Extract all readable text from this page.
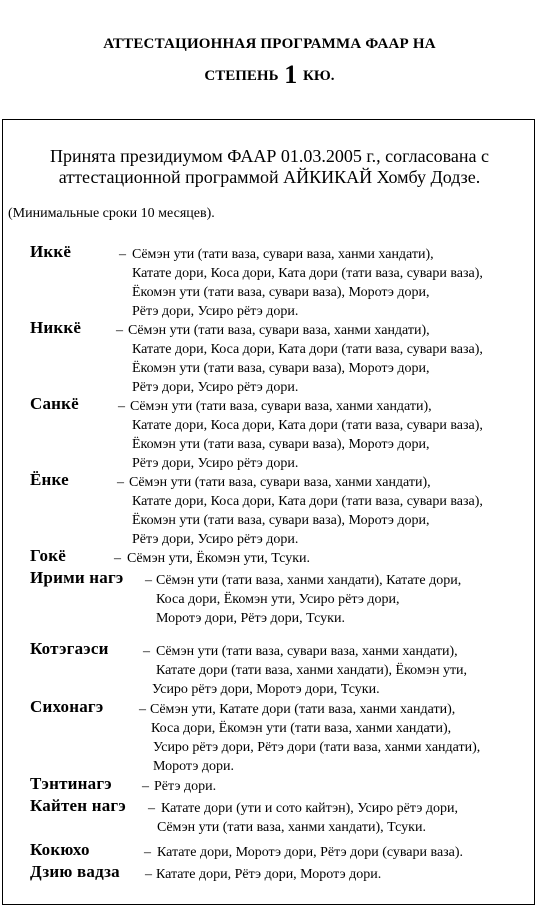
АТТЕСТАЦИОННАЯ ПРОГРАММА ФААР НА
СТЕПЕНЬ 1 КЮ.
Принята президиумом ФААР 01.03.2005 г., согласована с
аттестационной программой АЙКИКАЙ Хомбу Додзе.
(Минимальные сроки 10 месяцев).
Иккё	– Сёмэн ути (тати ваза, сувари ваза, ханми хандати),
Катате дори, Коса дори, Ката дори (тати ваза, сувари ваза),
Ёкомэн ути (тати ваза, сувари ваза), Моротэ дори,
Рётэ дори, Усиро рётэ дори.
Никкё – Сёмэн ути (тати ваза, сувари ваза, ханми хандати),
Катате дори, Коса дори, Ката дори (тати ваза, сувари ваза),
Ёкомэн ути (тати ваза, сувари ваза), Моротэ дори,
Рётэ дори, Усиро рётэ дори.
Санкё	– Сёмэн ути (тати ваза, сувари ваза, ханми хандати),
Катате дори, Коса дори, Ката дори (тати ваза, сувари ваза),
Ёкомэн ути (тати ваза, сувари ваза), Моротэ дори,
Рётэ дори, Усиро рётэ дори.
Ёнке	– Сёмэн ути (тати ваза, сувари ваза, ханми хандати),
Катате дори, Коса дори, Ката дори (тати ваза, сувари ваза),
Ёкомэн ути (тати ваза, сувари ваза), Моротэ дори,
Рётэ дори, Усиро рётэ дори.
Гокё	– Сёмэн ути, Ёкомэн ути, Тсуки.
Ирими нагэ – Сёмэн ути (тати ваза, ханми хандати), Катате дори,
Коса дори, Ёкомэн ути, Усиро рётэ дори,
Моротэ дори, Рётэ дори, Тсуки.
Котэгаэси – Сёмэн ути (тати ваза, сувари ваза, ханми хандати),
Катате дори (тати ваза, ханми хандати), Ёкомэн ути,
Усиро рётэ дори, Моротэ дори, Тсуки.
Сихонагэ	– Сёмэн ути, Катате дори (тати ваза, ханми хандати),
Коса дори, Ёкомэн ути (тати ваза, ханми хандати),
Усиро рётэ дори, Рётэ дори (тати ваза, ханми хандати),
Моротэ дори.
Тэнтинагэ – Рётэ дори.
Кайтен нагэ – Катате дори (ути и сото кайтэн), Усиро рётэ дори,
Сёмэн ути (тати ваза, ханми хандати), Тсуки.
Кокюхо	– Катате дори, Моротэ дори, Рётэ дори (сувари ваза).
Дзию вадза – Катате дори, Рётэ дори, Моротэ дори.
